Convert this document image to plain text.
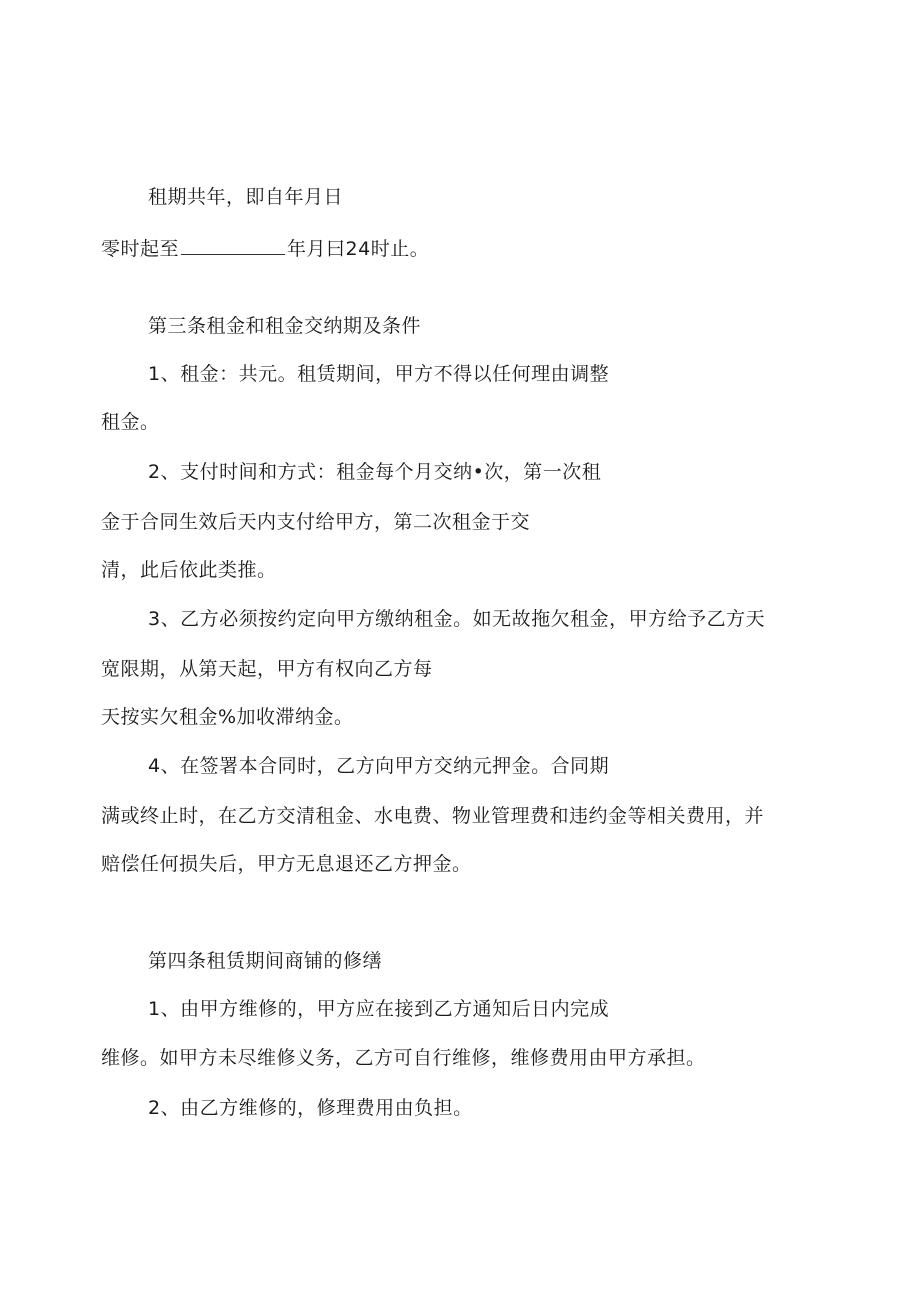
租期共年，即自年月日
零时起至	年月曰24时止。
第三条租金和租金交纳期及条件
1、租金：共元。租赁期间，甲方不得以任何理由调整
租金。
2、支付时间和方式：租金每个月交纳•次，第一次租
金于合同生效后天内支付给甲方，第二次租金于交
清，此后依此类推。
3、乙方必须按约定向甲方缴纳租金。如无故拖欠租金，甲方给予乙方天
宽限期，从第天起，甲方有权向乙方每
天按实欠租金%加收滞纳金。
4、在签署本合同时，乙方向甲方交纳元押金。合同期
满或终止时，在乙方交清租金、水电费、物业管理费和违约金等相关费用，并
赔偿任何损失后，甲方无息退还乙方押金。
第四条租赁期间商铺的修缮
1、由甲方维修的，甲方应在接到乙方通知后日内完成
维修。如甲方未尽维修义务，乙方可自行维修，维修费用由甲方承担。
2、由乙方维修的，修理费用由负担。
